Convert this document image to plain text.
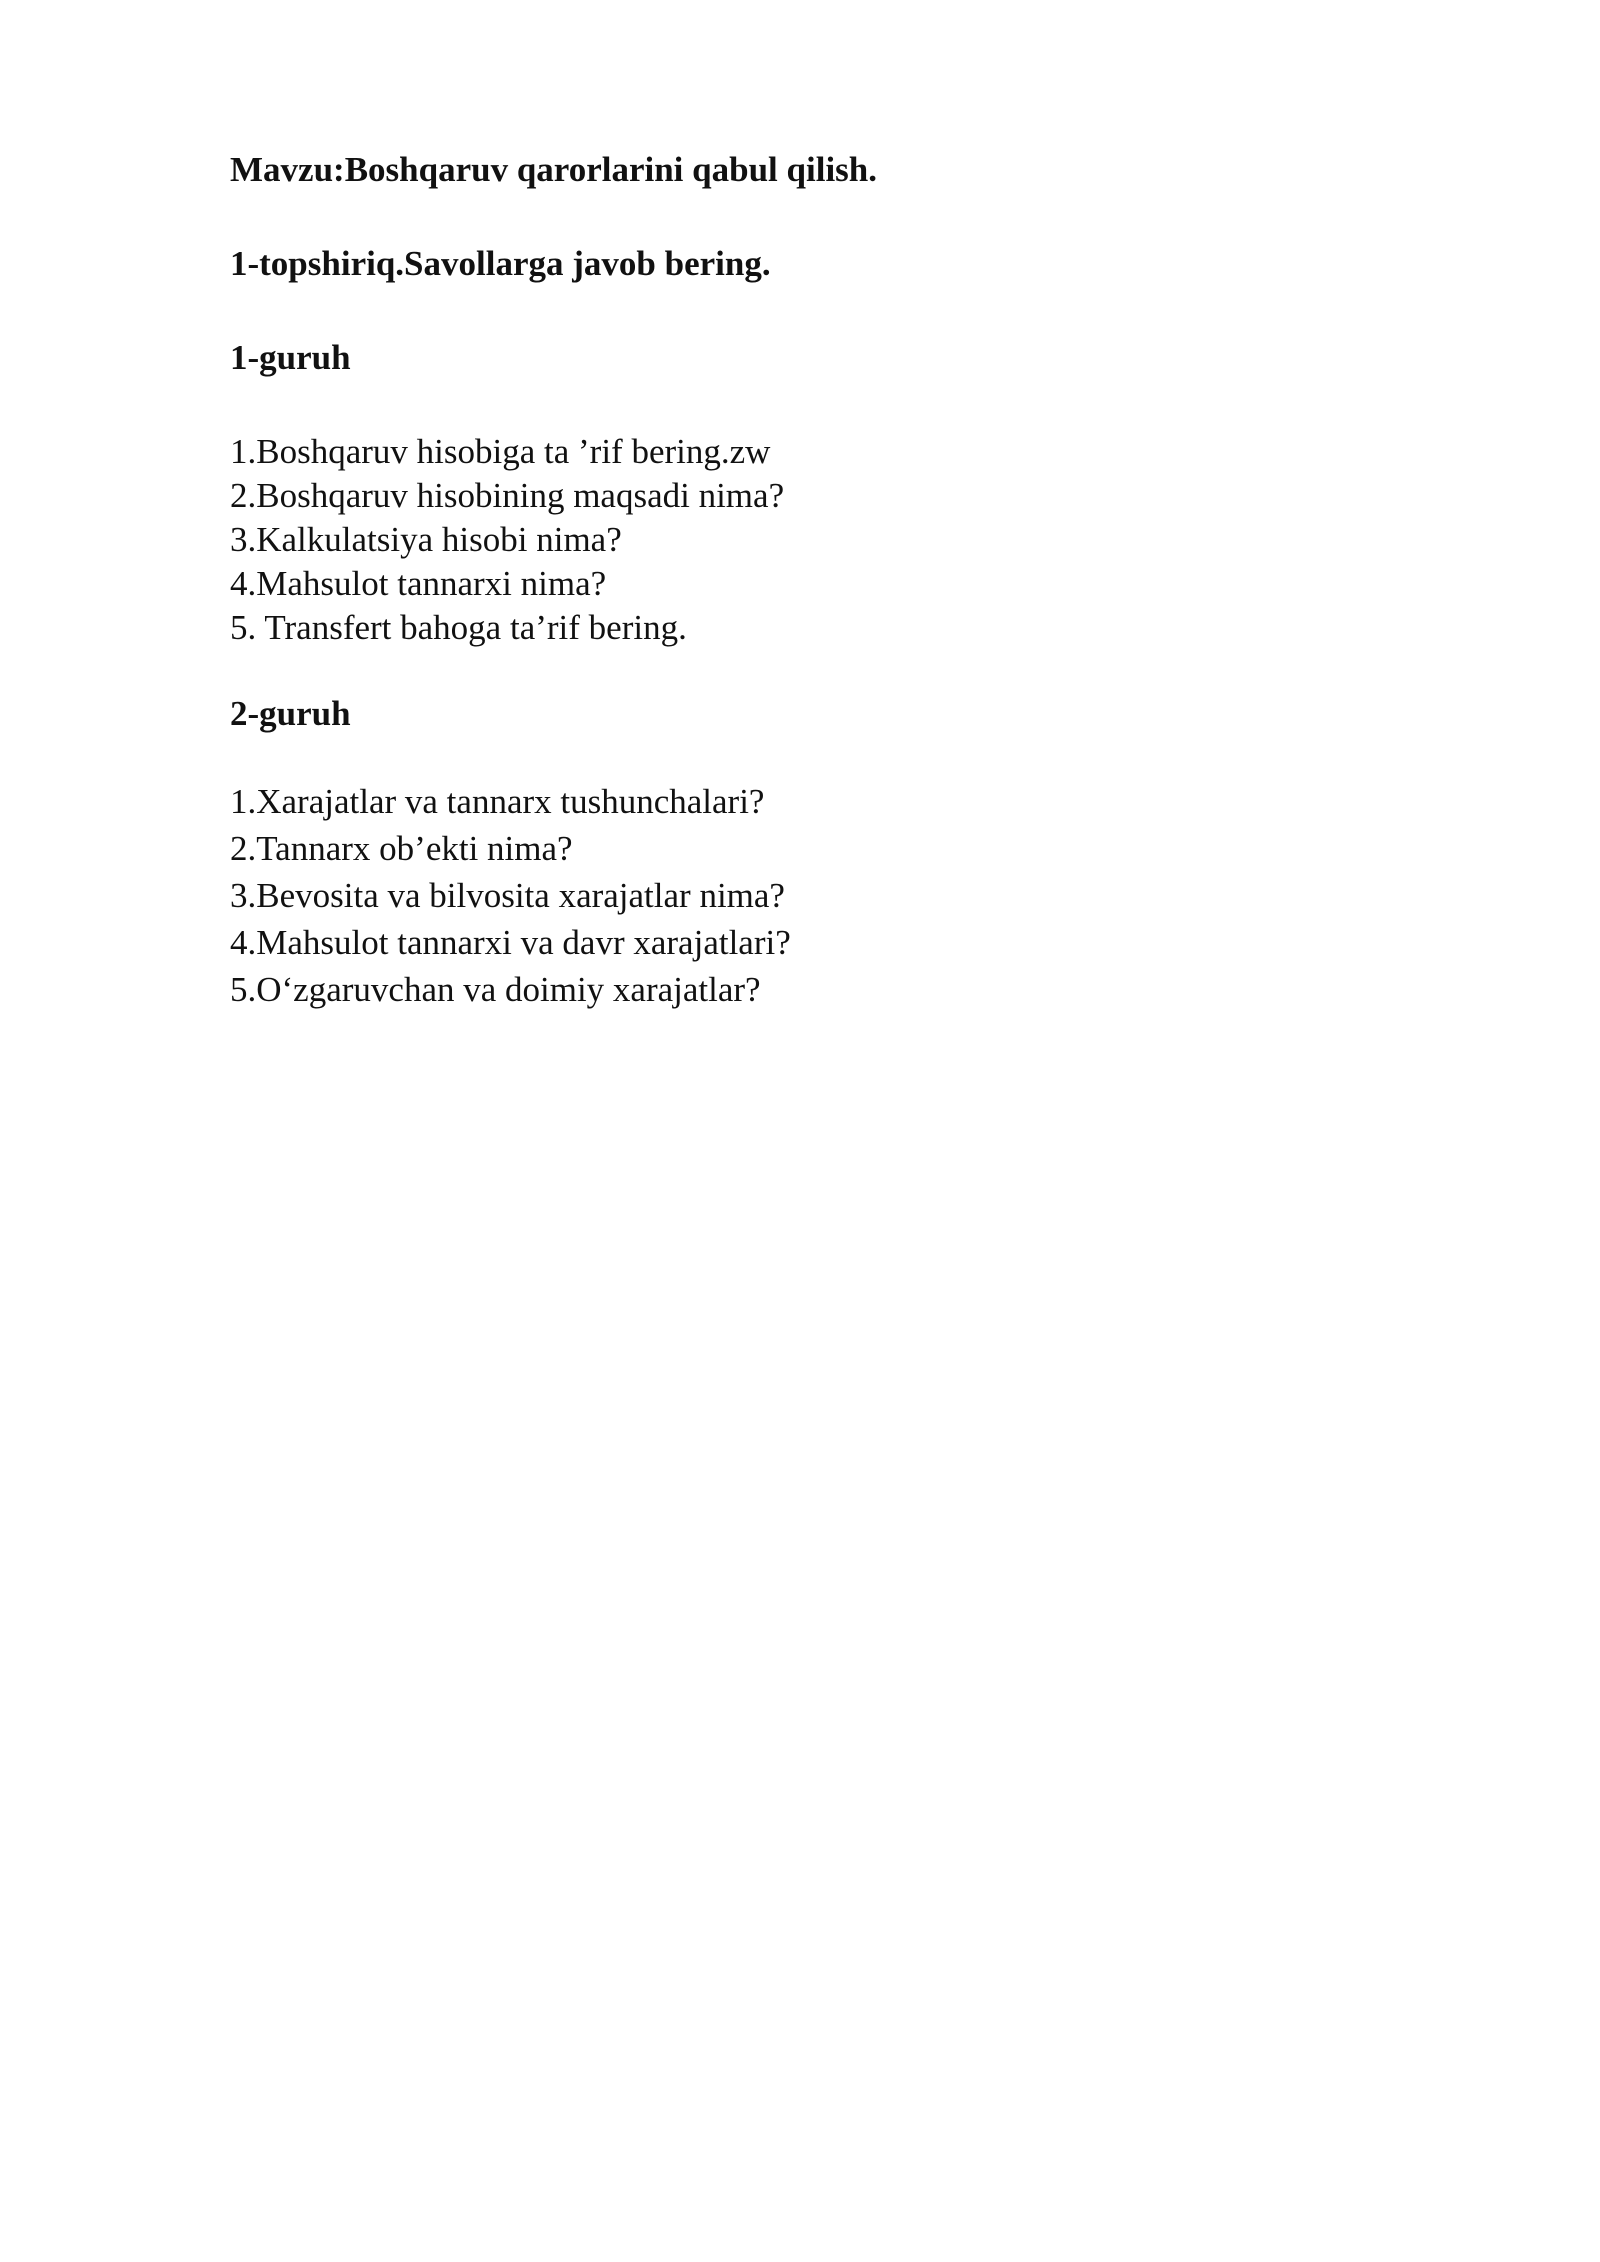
Mavzu:Boshqaruv qarorlarini qabul qilish.

1-topshiriq.Savollarga javob bering.

1-guruh

1.Boshqaruv hisobiga ta ’rif bering.zw
2.Boshqaruv hisobining maqsadi nima?
3.Kalkulatsiya hisobi nima?
4.Mahsulot tannarxi nima?
5. Transfert bahoga ta’rif bering.

2-guruh

1.Xarajatlar va tannarx tushunchalari?
2.Tannarx ob’ekti nima?
3.Bevosita va bilvosita xarajatlar nima?
4.Mahsulot tannarxi va davr xarajatlari?
5.O‘zgaruvchan va doimiy xarajatlar?
